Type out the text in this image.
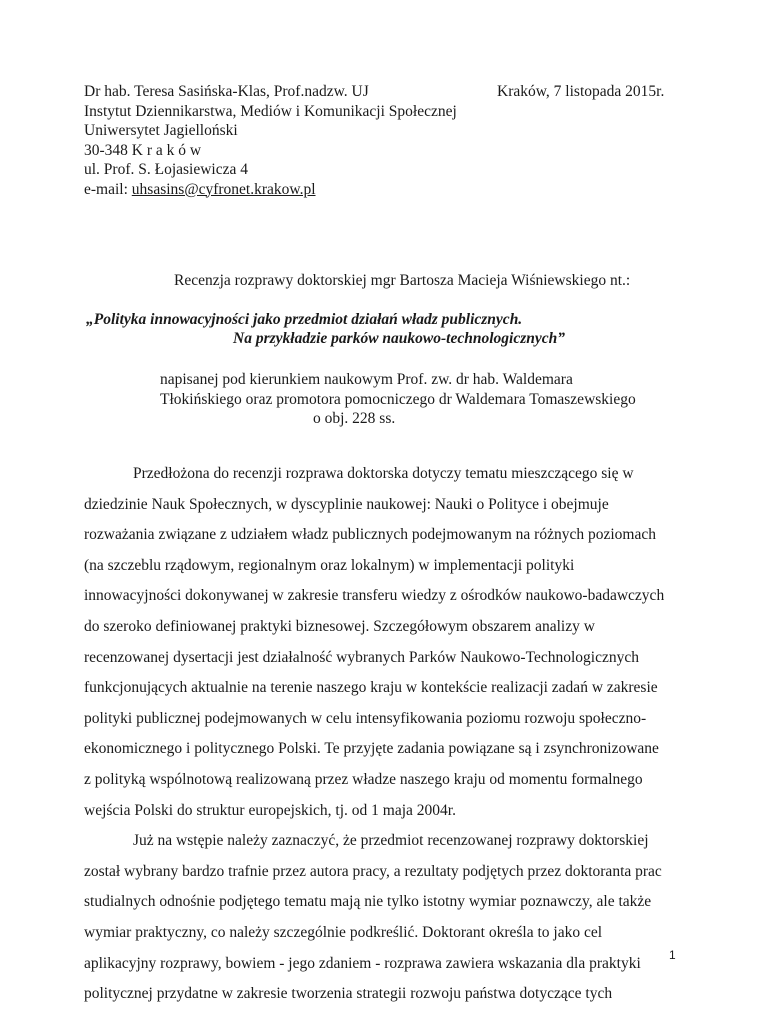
Dr hab. Teresa Sasińska-Klas, Prof.nadzw. UJ
Instytut Dziennikarstwa, Mediów i Komunikacji Społecznej
Uniwersytet Jagielloński
30-348 K r a k ó w
ul. Prof. S. Łojasiewicza 4
e-mail: uhsasins@cyfronet.krakow.pl
Kraków, 7 listopada 2015r.
Recenzja rozprawy doktorskiej mgr Bartosza Macieja Wiśniewskiego nt.:
„Polityka innowacyjności jako przedmiot działań władz publicznych.
Na przykładzie parków naukowo-technologicznych”
napisanej pod kierunkiem naukowym Prof. zw. dr hab. Waldemara
Tłokińskiego oraz promotora pomocniczego dr Waldemara Tomaszewskiego
o obj. 228 ss.
Przedłożona do recenzji rozprawa doktorska dotyczy tematu mieszczącego się w
dziedzinie Nauk Społecznych, w dyscyplinie naukowej: Nauki o Polityce i obejmuje
rozważania związane z udziałem władz publicznych podejmowanym na różnych poziomach
(na szczeblu rządowym, regionalnym oraz lokalnym) w implementacji polityki
innowacyjności dokonywanej w zakresie transferu wiedzy z ośrodków naukowo-badawczych
do szeroko definiowanej praktyki biznesowej. Szczegółowym obszarem analizy w
recenzowanej dysertacji jest działalność wybranych Parków Naukowo-Technologicznych
funkcjonujących aktualnie na terenie naszego kraju w kontekście realizacji zadań w zakresie
polityki publicznej podejmowanych w celu intensyfikowania poziomu rozwoju społeczno-
ekonomicznego i politycznego Polski. Te przyjęte zadania powiązane są i zsynchronizowane
z polityką wspólnotową realizowaną przez władze naszego kraju od momentu formalnego
wejścia Polski do struktur europejskich, tj. od 1 maja 2004r.
Już na wstępie należy zaznaczyć, że przedmiot recenzowanej rozprawy doktorskiej
został wybrany bardzo trafnie przez autora pracy, a rezultaty podjętych przez doktoranta prac
studialnych odnośnie podjętego tematu mają nie tylko istotny wymiar poznawczy, ale także
wymiar praktyczny, co należy szczególnie podkreślić. Doktorant określa to jako cel
aplikacyjny rozprawy, bowiem - jego zdaniem - rozprawa zawiera wskazania dla praktyki
politycznej przydatne w zakresie tworzenia strategii rozwoju państwa dotyczące tych
1
